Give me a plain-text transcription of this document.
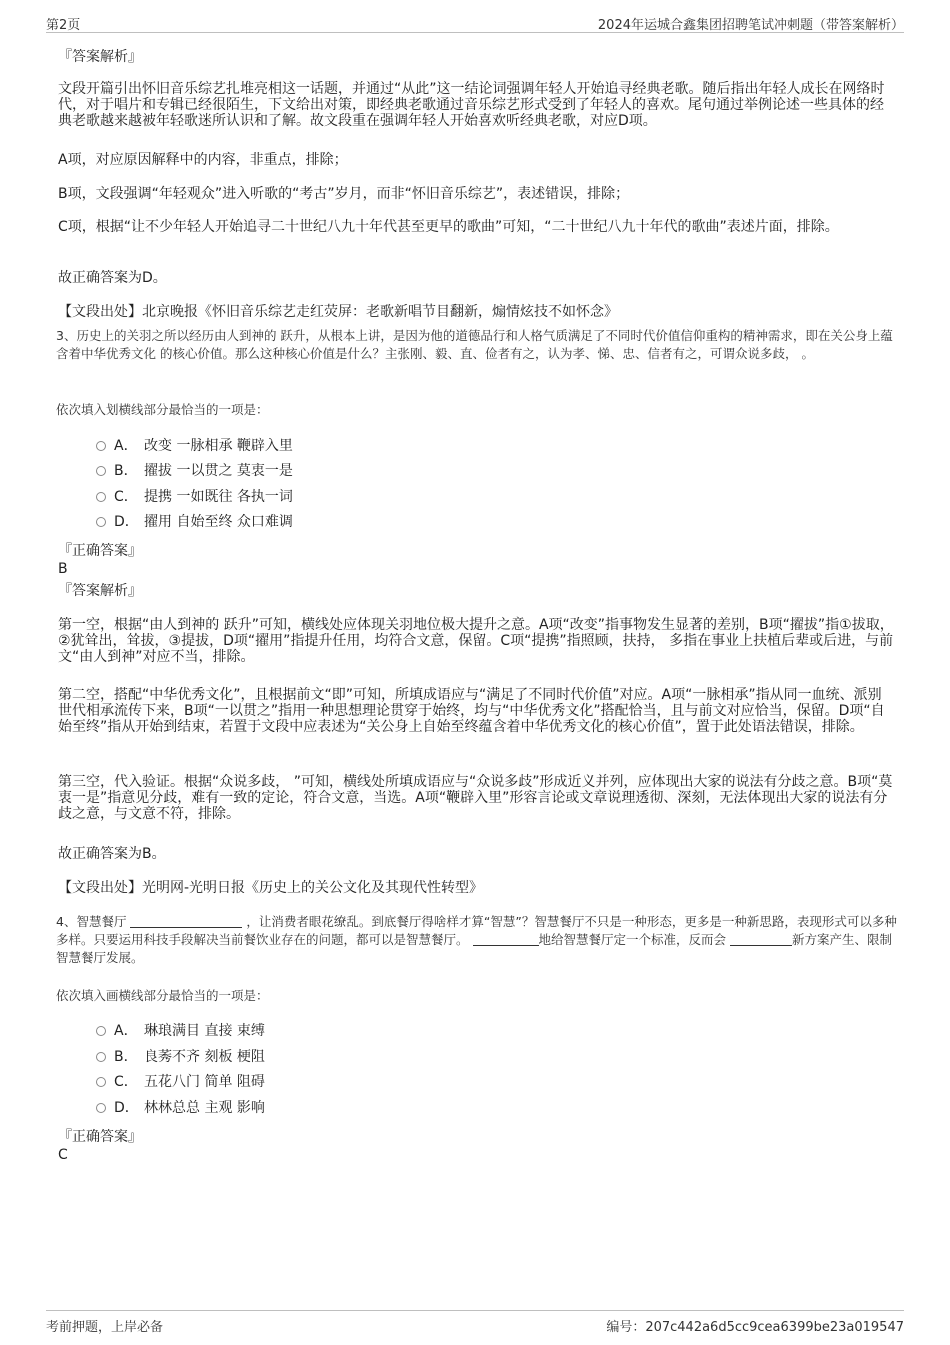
第2页	2024年运城合鑫集团招聘笔试冲刺题（带答案解析）

『答案解析』

文段开篇引出怀旧音乐综艺扎堆亮相这一话题，并通过“从此”这一结论词强调年轻人开始追寻经典老歌。随后指出年轻人成长在网络时代，对于唱片和专辑已经很陌生，下文给出对策，即经典老歌通过音乐综艺形式受到了年轻人的喜欢。尾句通过举例论述一些具体的经典老歌越来越被年轻歌迷所认识和了解。故文段重在强调年轻人开始喜欢听经典老歌，对应D项。

A项，对应原因解释中的内容，非重点，排除；

B项，文段强调“年轻观众”进入听歌的“考古”岁月，而非“怀旧音乐综艺”，表述错误，排除；

C项，根据“让不少年轻人开始追寻二十世纪八九十年代甚至更早的歌曲”可知，“二十世纪八九十年代的歌曲”表述片面，排除。

故正确答案为D。

【文段出处】北京晚报《怀旧音乐综艺走红荧屏：老歌新唱节目翻新，煽情炫技不如怀念》

3、历史上的关羽之所以经历由人到神的 跃升，从根本上讲，是因为他的道德品行和人格气质满足了不同时代价值信仰重构的精神需求，即在关公身上蕴含着中华优秀文化 的核心价值。那么这种核心价值是什么？主张刚、毅、直、俭者有之，认为孝、悌、忠、信者有之，可谓众说多歧， 。

依次填入划横线部分最恰当的一项是：

A． 改变 一脉相承 鞭辟入里
B． 擢拔 一以贯之 莫衷一是
C． 提携 一如既往 各执一词
D． 擢用 自始至终 众口难调

『正确答案』

B

『答案解析』

第一空，根据“由人到神的 跃升”可知，横线处应体现关羽地位极大提升之意。A项“改变”指事物发生显著的差别，B项“擢拔”指①拔取，②犹耸出，耸拔，③提拔，D项“擢用”指提升任用，均符合文意，保留。C项“提携”指照顾，扶持， 多指在事业上扶植后辈或后进，与前文“由人到神”对应不当，排除。

第二空，搭配“中华优秀文化”，且根据前文“即”可知，所填成语应与“满足了不同时代价值”对应。A项“一脉相承”指从同一血统、派别世代相承流传下来，B项“一以贯之”指用一种思想理论贯穿于始终，均与“中华优秀文化”搭配恰当，且与前文对应恰当，保留。D项“自始至终”指从开始到结束，若置于文段中应表述为“关公身上自始至终蕴含着中华优秀文化的核心价值”，置于此处语法错误，排除。

第三空，代入验证。根据“众说多歧， ”可知，横线处所填成语应与“众说多歧”形成近义并列，应体现出大家的说法有分歧之意。B项“莫衷一是”指意见分歧，难有一致的定论，符合文意，当选。A项“鞭辟入里”形容言论或文章说理透彻、深刻，无法体现出大家的说法有分歧之意，与文意不符，排除。

故正确答案为B。

【文段出处】光明网-光明日报《历史上的关公文化及其现代性转型》

4、智慧餐厅	，让消费者眼花缭乱。到底餐厅得啥样才算“智慧”？智慧餐厅不只是一种形态，更多是一种新思路，表现形式可以多种多样。只要运用科技手段解决当前餐饮业存在的问题，都可以是智慧餐厅。	地给智慧餐厅定一个标准，反而会	新方案产生、限制智慧餐厅发展。

依次填入画横线部分最恰当的一项是：

A． 琳琅满目 直接 束缚
B． 良莠不齐 刻板 梗阻
C． 五花八门 简单 阻碍
D． 林林总总 主观 影响

『正确答案』

C

考前押题，上岸必备	编号：207c442a6d5cc9cea6399be23a019547
